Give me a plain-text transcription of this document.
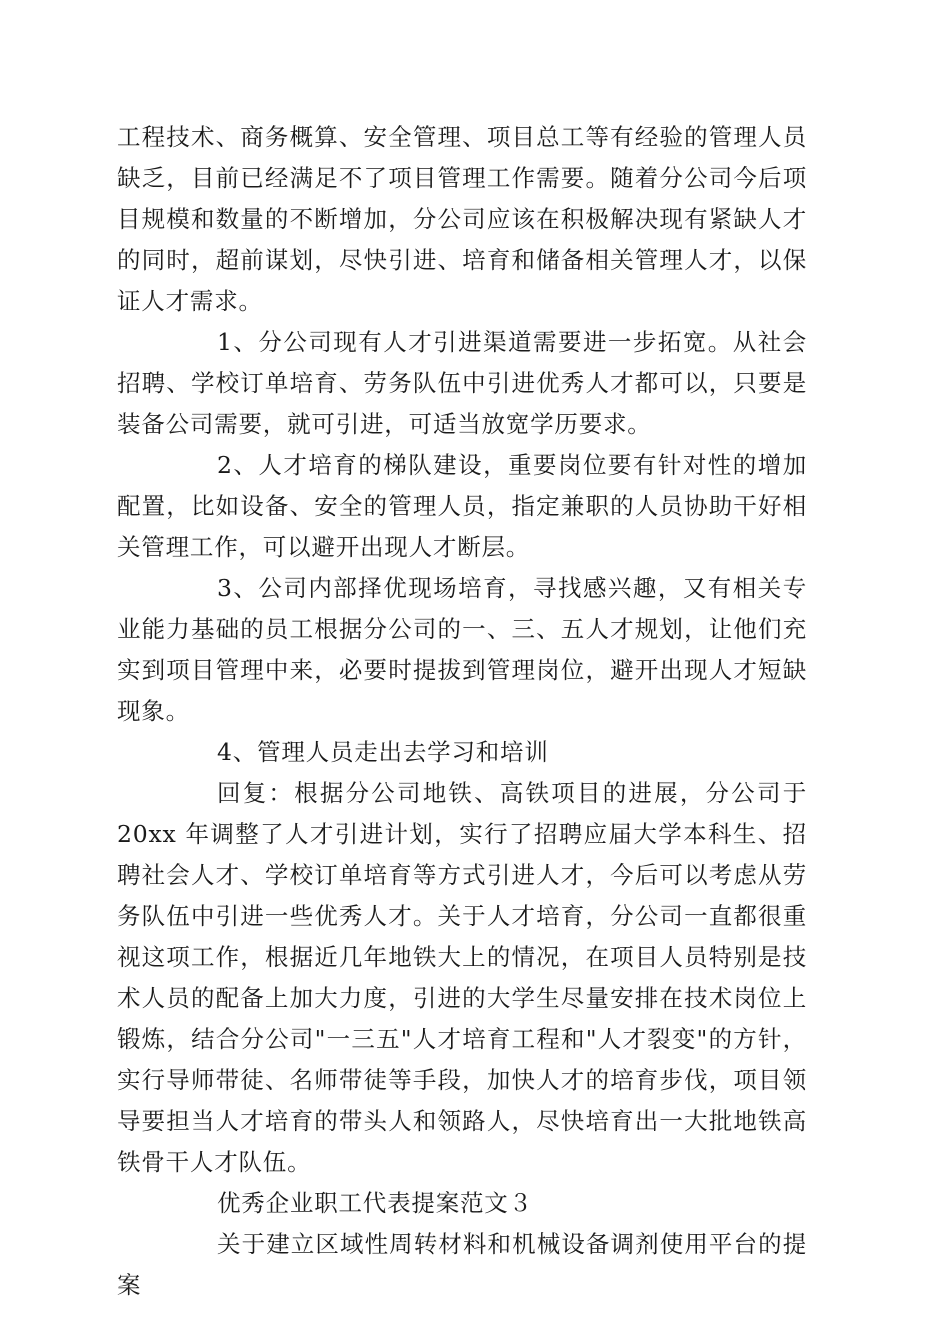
工程技术、商务概算、安全管理、项目总工等有经验的管理人员缺乏，目前已经满足不了项目管理工作需要。随着分公司今后项目规模和数量的不断增加，分公司应该在积极解决现有紧缺人才的同时，超前谋划，尽快引进、培育和储备相关管理人才，以保证人才需求。

1、分公司现有人才引进渠道需要进一步拓宽。从社会招聘、学校订单培育、劳务队伍中引进优秀人才都可以，只要是装备公司需要，就可引进，可适当放宽学历要求。

2、人才培育的梯队建设，重要岗位要有针对性的增加配置，比如设备、安全的管理人员，指定兼职的人员协助干好相关管理工作，可以避开出现人才断层。

3、公司内部择优现场培育，寻找感兴趣，又有相关专业能力基础的员工根据分公司的一、三、五人才规划，让他们充实到项目管理中来，必要时提拔到管理岗位，避开出现人才短缺现象。

4、管理人员走出去学习和培训

回复：根据分公司地铁、高铁项目的进展，分公司于20xx 年调整了人才引进计划，实行了招聘应届大学本科生、招聘社会人才、学校订单培育等方式引进人才，今后可以考虑从劳务队伍中引进一些优秀人才。关于人才培育，分公司一直都很重视这项工作，根据近几年地铁大上的情况，在项目人员特别是技术人员的配备上加大力度，引进的大学生尽量安排在技术岗位上锻炼，结合分公司"一三五"人才培育工程和"人才裂变"的方针，实行导师带徒、名师带徒等手段，加快人才的培育步伐，项目领导要担当人才培育的带头人和领路人，尽快培育出一大批地铁高铁骨干人才队伍。

优秀企业职工代表提案范文３

关于建立区域性周转材料和机械设备调剂使用平台的提案
